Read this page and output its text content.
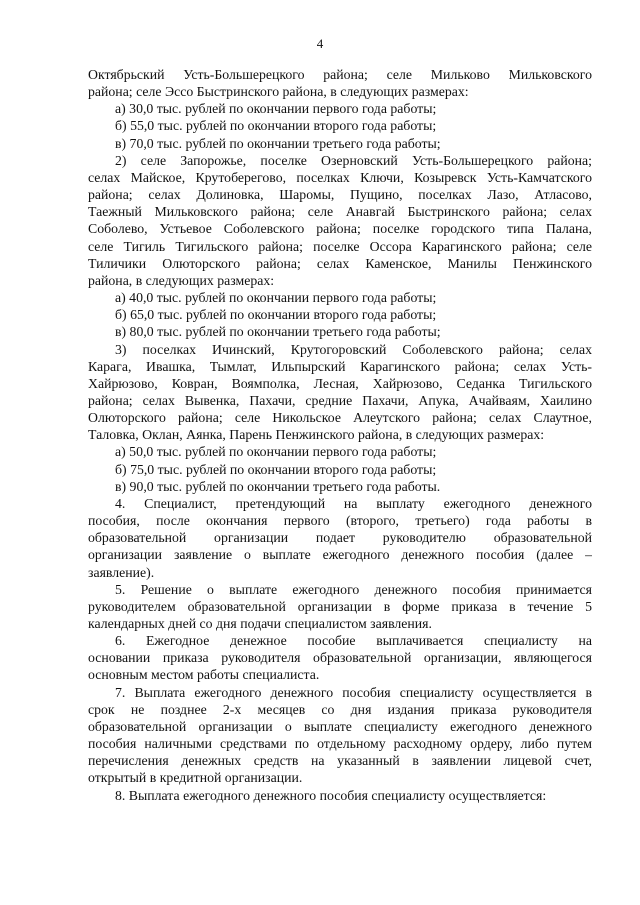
4

Октябрьский Усть-Большерецкого района; селе Мильково Мильковского

района; селе Эссо Быстринского района, в следующих размерах:

а) 30,0 тыс. рублей по окончании первого года работы;

б) 55,0 тыс. рублей по окончании второго года работы;

в) 70,0 тыс. рублей по окончании третьего года работы;

2) селе Запорожье, поселке Озерновский Усть-Большерецкого района;

селах Майское, Крутоберегово, поселках Ключи, Козыревск Усть-Камчатского

района; селах Долиновка, Шаромы, Пущино, поселках Лазо, Атласово,

Таежный Мильковского района; селе Анавгай Быстринского района; селах

Соболево, Устьевое Соболевского района; поселке городского типа Палана,

селе Тигиль Тигильского района; поселке Оссора Карагинского района; селе

Тиличики Олюторского района; селах Каменское, Манилы Пенжинского

района, в следующих размерах:

а) 40,0 тыс. рублей по окончании первого года работы;

б) 65,0 тыс. рублей по окончании второго года работы;

в) 80,0 тыс. рублей по окончании третьего года работы;

3) поселках Ичинский, Крутогоровский Соболевского района; селах

Карага, Ивашка, Тымлат, Ильпырский Карагинского района; селах Усть-

Хайрюзово, Ковран, Воямполка, Лесная, Хайрюзово, Седанка Тигильского

района; селах Вывенка, Пахачи, средние Пахачи, Апука, Ачайваям, Хаилино

Олюторского района; селе Никольское Алеутского района; селах Слаутное,

Таловка, Оклан, Аянка, Парень Пенжинского района, в следующих размерах:

а) 50,0 тыс. рублей по окончании первого года работы;

б) 75,0 тыс. рублей по окончании второго года работы;

в) 90,0 тыс. рублей по окончании третьего года работы.

4. Специалист, претендующий на выплату ежегодного денежного

пособия, после окончания первого (второго, третьего) года работы в

образовательной организации подает руководителю образовательной

организации заявление о выплате ежегодного денежного пособия (далее –

заявление).

5. Решение о выплате ежегодного денежного пособия принимается

руководителем образовательной организации в форме приказа в течение 5

календарных дней со дня подачи специалистом заявления.

6. Ежегодное денежное пособие выплачивается специалисту на

основании приказа руководителя образовательной организации, являющегося

основным местом работы специалиста.

7. Выплата ежегодного денежного пособия специалисту осуществляется в

срок не позднее 2-х месяцев со дня издания приказа руководителя

образовательной организации о выплате специалисту ежегодного денежного

пособия наличными средствами по отдельному расходному ордеру, либо путем

перечисления денежных средств на указанный в заявлении лицевой счет,

открытый в кредитной организации.

8. Выплата ежегодного денежного пособия специалисту осуществляется:
